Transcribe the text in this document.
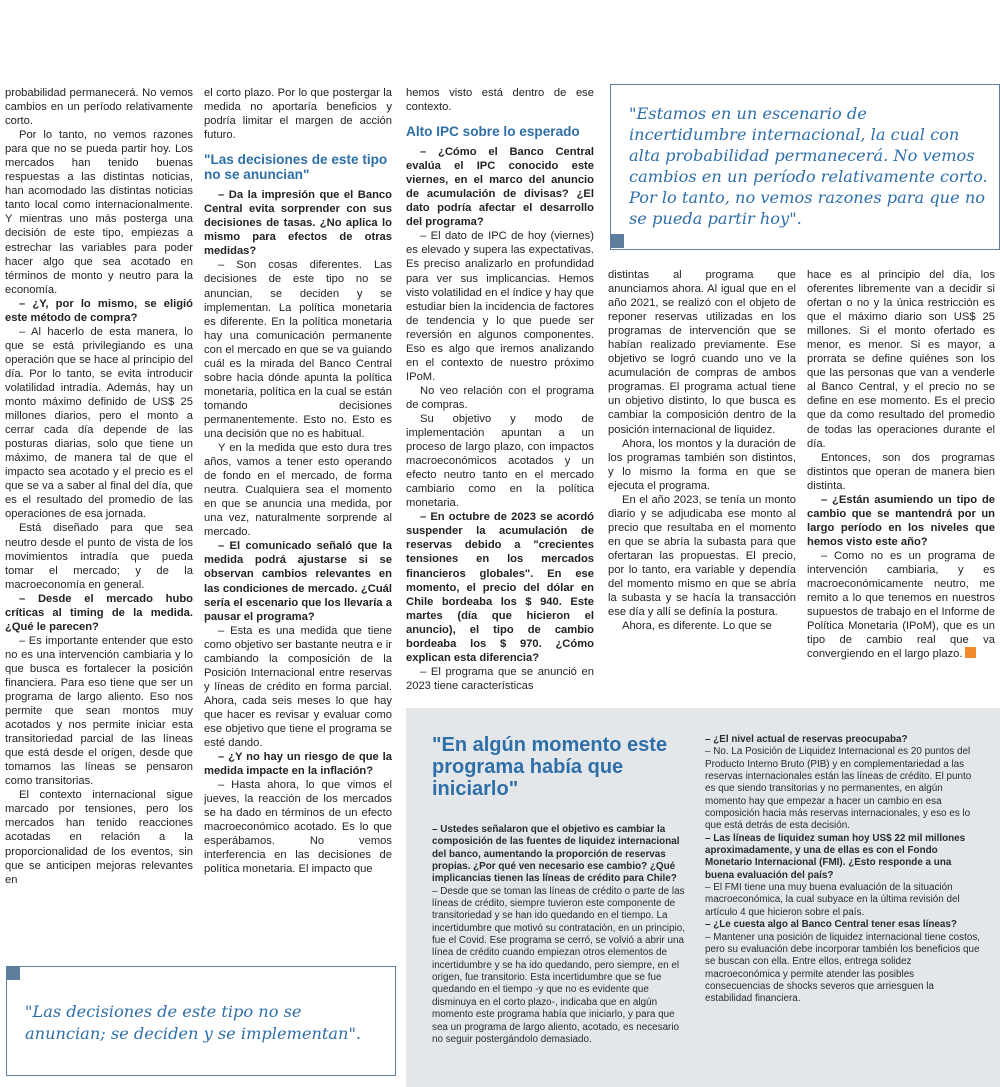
probabilidad permanecerá. No vemos cambios en un período relativamente corto.

Por lo tanto, no vemos razones para que no se pueda partir hoy. Los mercados han tenido buenas respuestas a las distintas noticias, han acomodado las distintas noticias tanto local como internacionalmente. Y mientras uno más posterga una decisión de este tipo, empiezas a estrechar las variables para poder hacer algo que sea acotado en términos de monto y neutro para la economía.

– ¿Y, por lo mismo, se eligió este método de compra?

– Al hacerlo de esta manera, lo que se está privilegiando es una operación que se hace al principio del día. Por lo tanto, se evita introducir volatilidad intradía. Además, hay un monto máximo definido de US$ 25 millones diarios, pero el monto a cerrar cada día depende de las posturas diarias, solo que tiene un máximo, de manera tal de que el impacto sea acotado y el precio es el que se va a saber al final del día, que es el resultado del promedio de las operaciones de esa jornada.

Está diseñado para que sea neutro desde el punto de vista de los movimientos intradía que pueda tomar el mercado; y de la macroeconomía en general.

– Desde el mercado hubo críticas al timing de la medida. ¿Qué le parecen?

– Es importante entender que esto no es una intervención cambiaria y lo que busca es fortalecer la posición financiera. Para eso tiene que ser un programa de largo aliento. Eso nos permite que sean montos muy acotados y nos permite iniciar esta transitoriedad parcial de las líneas que está desde el origen, desde que tomamos las líneas se pensaron como transitorias.

El contexto internacional sigue marcado por tensiones, pero los mercados han tenido reacciones acotadas en relación a la proporcionalidad de los eventos, sin que se anticipen mejoras relevantes en

el corto plazo. Por lo que postergar la medida no aportaría beneficios y podría limitar el margen de acción futuro.

"Las decisiones de este tipo no se anuncian"

– Da la impresión que el Banco Central evita sorprender con sus decisiones de tasas. ¿No aplica lo mismo para efectos de otras medidas?

– Son cosas diferentes. Las decisiones de este tipo no se anuncian, se deciden y se implementan. La política monetaria es diferente. En la política monetaria hay una comunicación permanente con el mercado en que se va guiando cuál es la mirada del Banco Central sobre hacia dónde apunta la política monetaria, política en la cual se están tomando decisiones permanentemente. Esto no. Esto es una decisión que no es habitual.

Y en la medida que esto dura tres años, vamos a tener esto operando de fondo en el mercado, de forma neutra. Cualquiera sea el momento en que se anuncia una medida, por una vez, naturalmente sorprende al mercado.

– El comunicado señaló que la medida podrá ajustarse si se observan cambios relevantes en las condiciones de mercado. ¿Cuál sería el escenario que los llevaría a pausar el programa?

– Esta es una medida que tiene como objetivo ser bastante neutra e ir cambiando la composición de la Posición Internacional entre reservas y líneas de crédito en forma parcial. Ahora, cada seis meses lo que hay que hacer es revisar y evaluar como ese objetivo que tiene el programa se esté dando.

– ¿Y no hay un riesgo de que la medida impacte en la inflación?

– Hasta ahora, lo que vimos el jueves, la reacción de los mercados se ha dado en términos de un efecto macroeconómico acotado. Es lo que esperábamos. No vemos interferencia en las decisiones de política monetaria. El impacto que

hemos visto está dentro de ese contexto.

Alto IPC sobre lo esperado

– ¿Cómo el Banco Central evalúa el IPC conocido este viernes, en el marco del anuncio de acumulación de divisas? ¿El dato podría afectar el desarrollo del programa?

– El dato de IPC de hoy (viernes) es elevado y supera las expectativas. Es preciso analizarlo en profundidad para ver sus implicancias. Hemos visto volatilidad en el índice y hay que estudiar bien la incidencia de factores de tendencia y lo que puede ser reversión en algunos componentes. Eso es algo que iremos analizando en el contexto de nuestro próximo IPoM.

No veo relación con el programa de compras.

Su objetivo y modo de implementación apuntan a un proceso de largo plazo, con impactos macroeconómicos acotados y un efecto neutro tanto en el mercado cambiario como en la política monetaria.

– En octubre de 2023 se acordó suspender la acumulación de reservas debido a "crecientes tensiones en los mercados financieros globales". En ese momento, el precio del dólar en Chile bordeaba los $ 940. Este martes (día que hicieron el anuncio), el tipo de cambio bordeaba los $ 970. ¿Cómo explican esta diferencia?

– El programa que se anunció en 2023 tiene características

"Estamos en un escenario de incertidumbre internacional, la cual con alta probabilidad permanecerá. No vemos cambios en un período relativamente corto.
Por lo tanto, no vemos razones para que no se pueda partir hoy".

distintas al programa que anunciamos ahora. Al igual que en el año 2021, se realizó con el objeto de reponer reservas utilizadas en los programas de intervención que se habían realizado previamente. Ese objetivo se logró cuando uno ve la acumulación de compras de ambos programas. El programa actual tiene un objetivo distinto, lo que busca es cambiar la composición dentro de la posición internacional de liquidez.

Ahora, los montos y la duración de los programas también son distintos, y lo mismo la forma en que se ejecuta el programa.

En el año 2023, se tenía un monto diario y se adjudicaba ese monto al precio que resultaba en el momento en que se abría la subasta para que ofertaran las propuestas. El precio, por lo tanto, era variable y dependía del momento mismo en que se abría la subasta y se hacía la transacción ese día y allí se definía la postura.

Ahora, es diferente. Lo que se

hace es al principio del día, los oferentes libremente van a decidir si ofertan o no y la única restricción es que el máximo diario son US$ 25 millones. Si el monto ofertado es menor, es menor. Si es mayor, a prorrata se define quiénes son los que las personas que van a venderle al Banco Central, y el precio no se define en ese momento. Es el precio que da como resultado del promedio de todas las operaciones durante el día.

Entonces, son dos programas distintos que operan de manera bien distinta.

– ¿Están asumiendo un tipo de cambio que se mantendrá por un largo período en los niveles que hemos visto este año?

– Como no es un programa de intervención cambiaria, y es macroeconómicamente neutro, me remito a lo que tenemos en nuestros supuestos de trabajo en el Informe de Política Monetaria (IPoM), que es un tipo de cambio real que va convergiendo en el largo plazo.

"Las decisiones de este tipo no se anuncian; se deciden y se implementan".
"En algún momento este programa había que iniciarlo"

– Ustedes señalaron que el objetivo es cambiar la composición de las fuentes de liquidez internacional del banco, aumentando la proporción de reservas propias. ¿Por qué ven necesario ese cambio? ¿Qué implicancias tienen las líneas de crédito para Chile?

– Desde que se toman las líneas de crédito o parte de las líneas de crédito, siempre tuvieron este componente de transitoriedad y se han ido quedando en el tiempo. La incertidumbre que motivó su contratación, en un principio, fue el Covid. Ese programa se cerró, se volvió a abrir una línea de crédito cuando empiezan otros elementos de incertidumbre y se ha ido quedando, pero siempre, en el origen, fue transitorio. Esta incertidumbre que se fue quedando en el tiempo -y que no es evidente que disminuya en el corto plazo-, indicaba que en algún momento este programa había que iniciarlo, y para que sea un programa de largo aliento, acotado, es necesario no seguir postergándolo demasiado.

– ¿El nivel actual de reservas preocupaba?

– No. La Posición de Liquidez Internacional es 20 puntos del Producto Interno Bruto (PIB) y en complementariedad a las reservas internacionales están las líneas de crédito. El punto es que siendo transitorias y no permanentes, en algún momento hay que empezar a hacer un cambio en esa composición hacia más reservas internacionales, y eso es lo que está detrás de esta decisión.

– Las líneas de liquidez suman hoy US$ 22 mil millones aproximadamente, y una de ellas es con el Fondo Monetario Internacional (FMI). ¿Esto responde a una buena evaluación del país?

– El FMI tiene una muy buena evaluación de la situación macroeconómica, la cual subyace en la última revisión del artículo 4 que hicieron sobre el país.

– ¿Le cuesta algo al Banco Central tener esas líneas?

– Mantener una posición de liquidez internacional tiene costos, pero su evaluación debe incorporar también los beneficios que se buscan con ella. Entre ellos, entrega solidez macroeconómica y permite atender las posibles consecuencias de shocks severos que arriesguen la estabilidad financiera.
